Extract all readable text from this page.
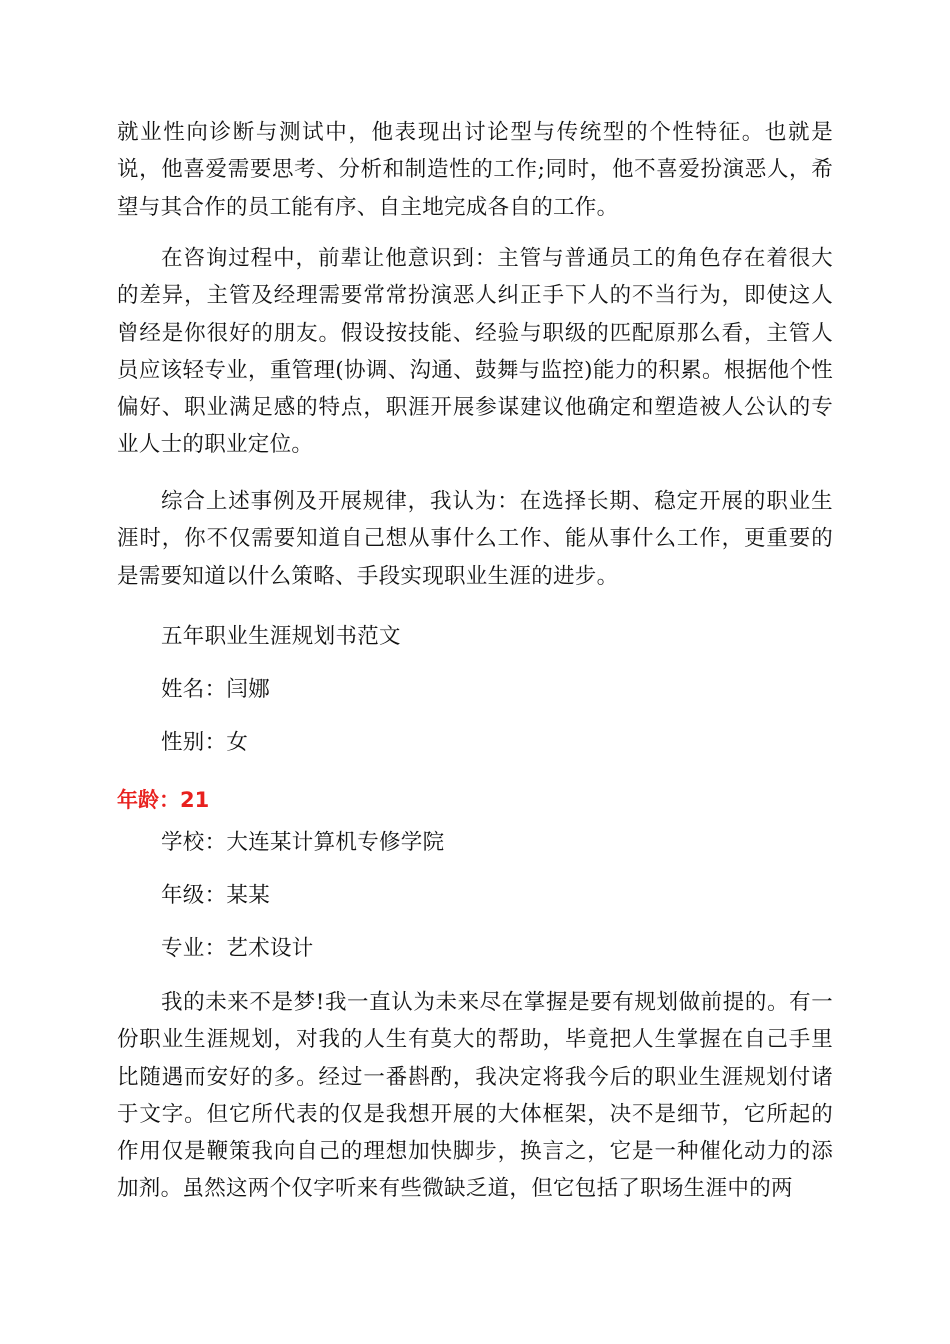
就业性向诊断与测试中，他表现出讨论型与传统型的个性特征。也就是说，他喜爱需要思考、分析和制造性的工作;同时，他不喜爱扮演恶人，希望与其合作的员工能有序、自主地完成各自的工作。

在咨询过程中，前辈让他意识到：主管与普通员工的角色存在着很大的差异，主管及经理需要常常扮演恶人纠正手下人的不当行为，即使这人曾经是你很好的朋友。假设按技能、经验与职级的匹配原那么看，主管人员应该轻专业，重管理(协调、沟通、鼓舞与监控)能力的积累。根据他个性偏好、职业满足感的特点，职涯开展参谋建议他确定和塑造被人公认的专业人士的职业定位。

综合上述事例及开展规律，我认为：在选择长期、稳定开展的职业生涯时，你不仅需要知道自己想从事什么工作、能从事什么工作，更重要的是需要知道以什么策略、手段实现职业生涯的进步。

五年职业生涯规划书范文
姓名：闫娜
性别：女
年龄：21
学校：大连某计算机专修学院
年级：某某
专业：艺术设计

我的未来不是梦!我一直认为未来尽在掌握是要有规划做前提的。有一份职业生涯规划，对我的人生有莫大的帮助，毕竟把人生掌握在自己手里比随遇而安好的多。经过一番斟酌，我决定将我今后的职业生涯规划付诸于文字。但它所代表的仅是我想开展的大体框架，决不是细节，它所起的作用仅是鞭策我向自己的理想加快脚步，换言之，它是一种催化动力的添加剂。虽然这两个仅字听来有些微缺乏道，但它包括了职场生涯中的两
